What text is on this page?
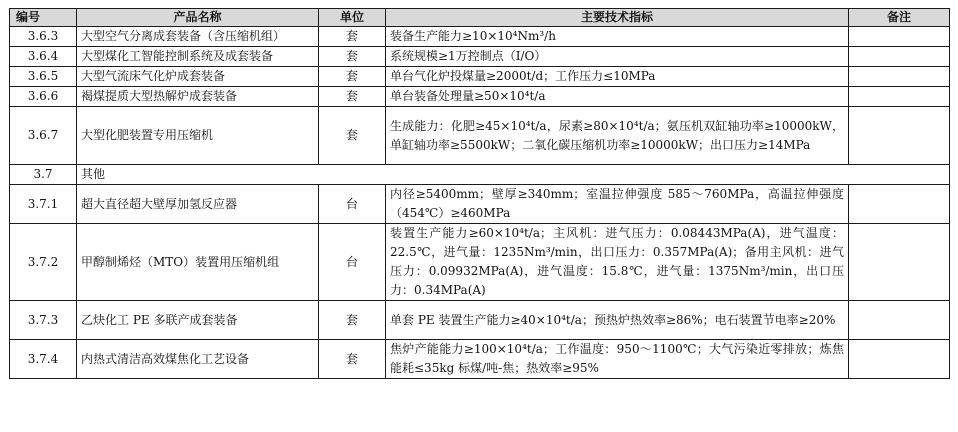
编号	产品名称	单位	主要技术指标	备注
3.6.3	大型空气分离成套装备（含压缩机组）	套	装备生产能力≥10×10⁴Nm³/h	
3.6.4	大型煤化工智能控制系统及成套装备	套	系统规模≥1万控制点（I/O）	
3.6.5	大型气流床气化炉成套装备	套	单台气化炉投煤量≥2000t/d；工作压力≤10MPa	
3.6.6	褐煤提质大型热解炉成套装备	套	单台装备处理量≥50×10⁴t/a	
3.6.7	大型化肥装置专用压缩机	套	生成能力：化肥≥45×10⁴t/a，尿素≥80×10⁴t/a；氨压机双缸轴功率≥10000kW，单缸轴功率≥5500kW；二氧化碳压缩机功率≥10000kW；出口压力≥14MPa	
3.7	其他			
3.7.1	超大直径超大壁厚加氢反应器	台	内径≥5400mm；壁厚≥340mm；室温拉伸强度 585～760MPa，高温拉伸强度（454℃）≥460MPa	
3.7.2	甲醇制烯烃（MTO）装置用压缩机组	台	装置生产能力≥60×10⁴t/a；主风机：进气压力：0.08443MPa(A)，进气温度：22.5℃，进气量：1235Nm³/min，出口压力：0.357MPa(A)；备用主风机：进气压力：0.09932MPa(A)，进气温度：15.8℃，进气量：1375Nm³/min，出口压力：0.34MPa(A)	
3.7.3	乙炔化工 PE 多联产成套装备	套	单套 PE 装置生产能力≥40×10⁴t/a；预热炉热效率≥86%；电石装置节电率≥20%	
3.7.4	内热式清洁高效煤焦化工艺设备	套	焦炉产能能力≥100×10⁴t/a；工作温度：950～1100℃；大气污染近零排放；炼焦能耗≤35kg 标煤/吨-焦；热效率≥95%	
